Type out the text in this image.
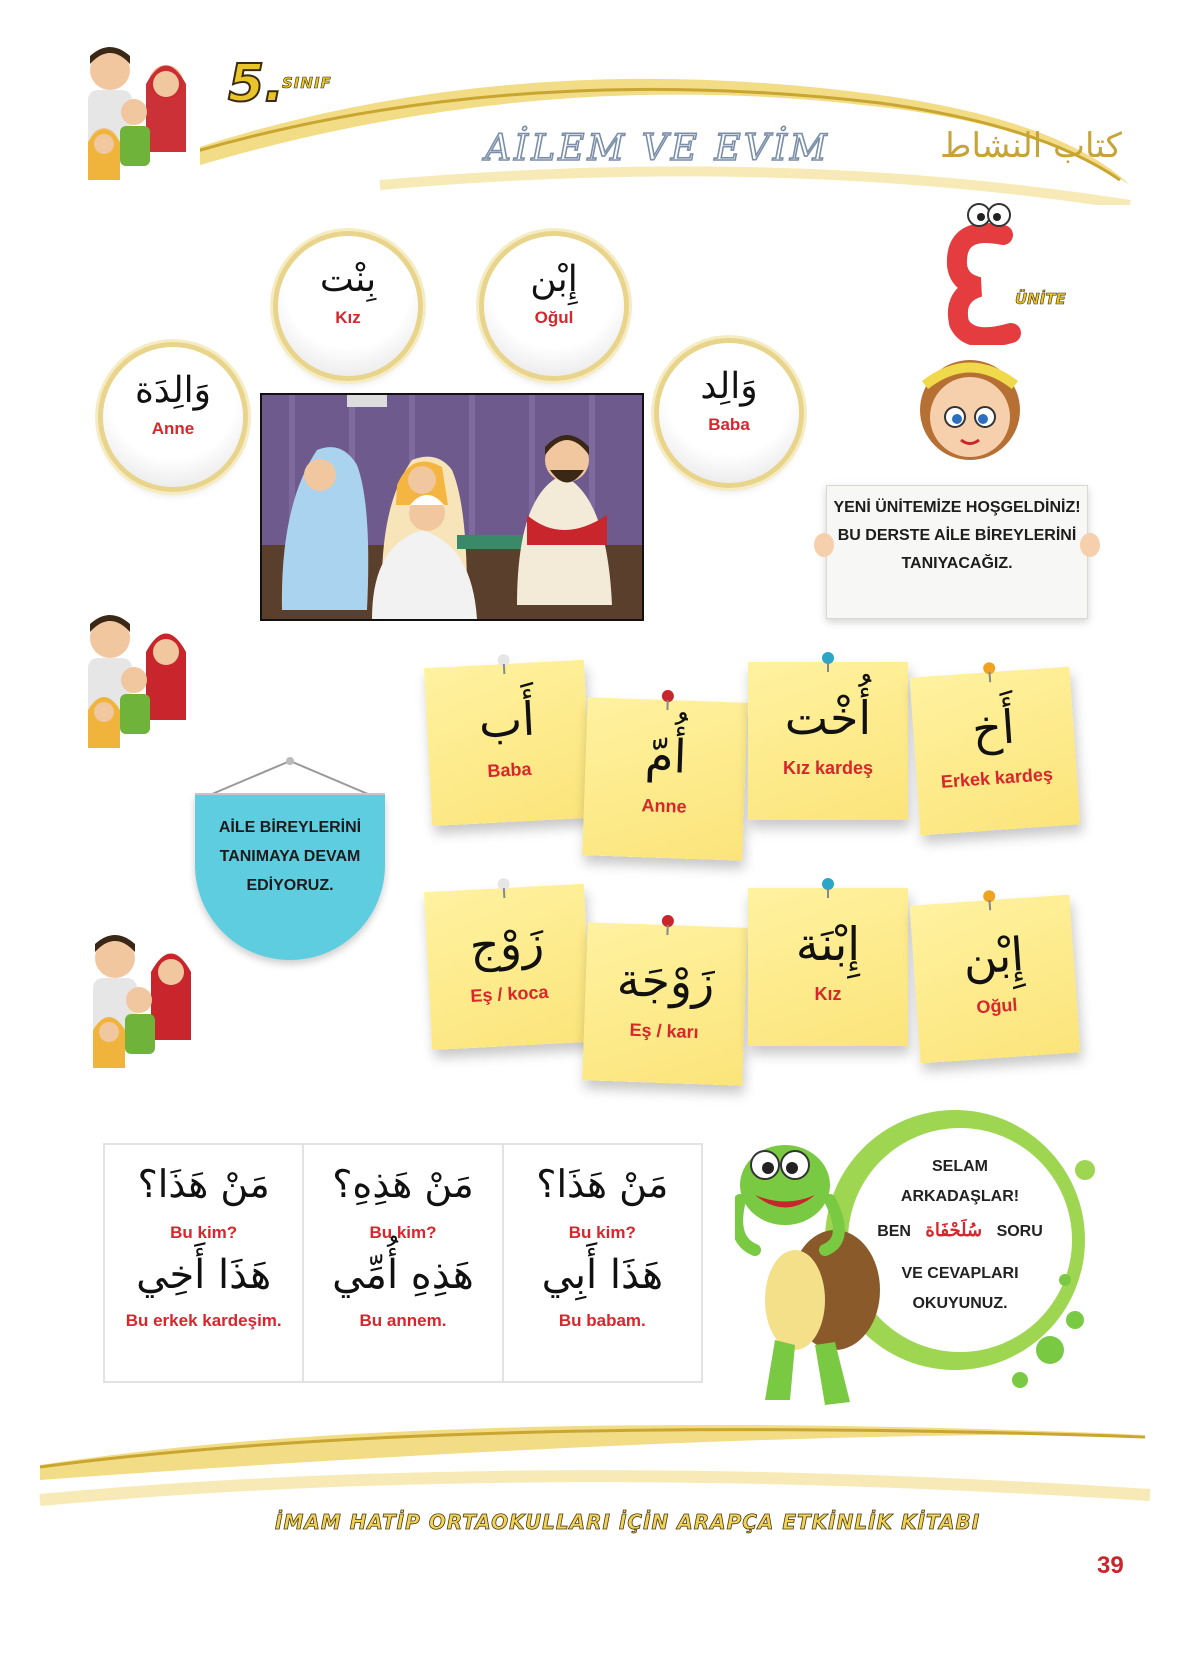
5.
SINIF
AİLEM VE EVİM	كتاب النشاط
ÜNİTE
بِنْت
Kız
إِبْن
Oğul
وَالِدَة
Anne
وَالِد
Baba
YENİ ÜNİTEMİZE HOŞGELDİNİZ! BU DERSTE AİLE BİREYLERİNİ TANIYACAĞIZ.
AİLE BİREYLERİNİ TANIMAYA DEVAM EDİYORUZ.
أَب
Baba	أُمّ
Anne
أُخْت
Kız kardeş
أَخ
Erkek kardeş
زَوْج
Eş / koca	زَوْجَة
Eş / karı
إِبْنَة
Kız
إِبْن
Oğul
مَنْ هَذَا؟
Bu kim?
هَذَا أَخِي
Bu erkek kardeşim.
مَنْ هَذِهِ؟
Bu kim?
هَذِهِ أُمِّي
Bu annem.
مَنْ هَذَا؟
Bu kim?
هَذَا أَبِي
Bu babam.
SELAM
ARKADAŞLAR!
BEN سُلَحْفَاة SORU
VE CEVAPLARI
OKUYUNUZ.
İMAM HATİP ORTAOKULLARI İÇİN ARAPÇA ETKİNLİK KİTABI
39
